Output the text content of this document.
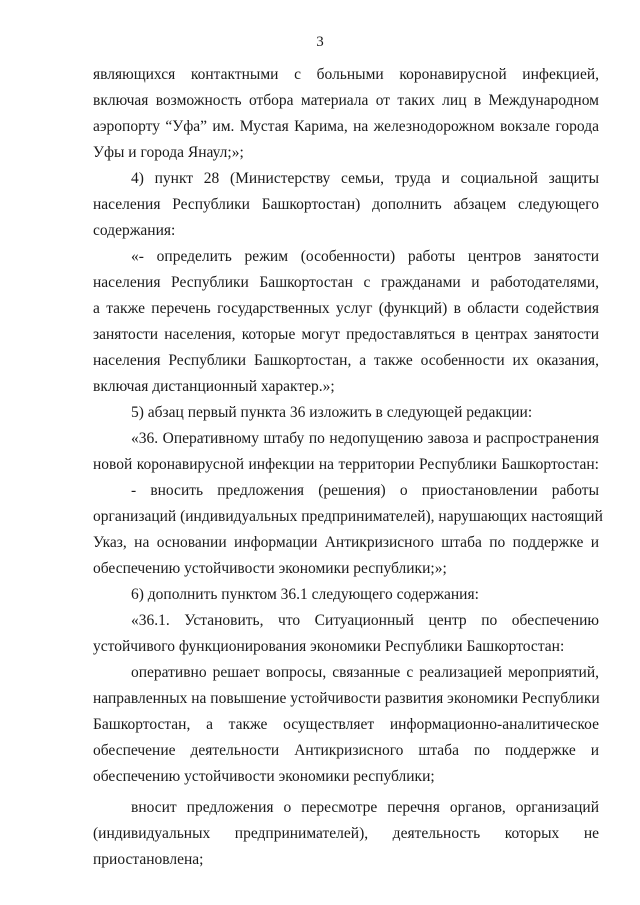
3
являющихся контактными с больными коронавирусной инфекцией,
включая возможность отбора материала от таких лиц в Международном
аэропорту “Уфа” им. Мустая Карима, на железнодорожном вокзале города
Уфы и города Янаул;»;
4) пункт 28 (Министерству семьи, труда и социальной защиты
населения Республики Башкортостан) дополнить абзацем следующего
содержания:
«- определить режим (особенности) работы центров занятости
населения Республики Башкортостан с гражданами и работодателями,
а также перечень государственных услуг (функций) в области содействия
занятости населения, которые могут предоставляться в центрах занятости
населения Республики Башкортостан, а также особенности их оказания,
включая дистанционный характер.»;
5) абзац первый пункта 36 изложить в следующей редакции:
«36. Оперативному штабу по недопущению завоза и распространения
новой коронавирусной инфекции на территории Республики Башкортостан:
- вносить предложения (решения) о приостановлении работы
организаций (индивидуальных предпринимателей), нарушающих настоящий
Указ, на основании информации Антикризисного штаба по поддержке и
обеспечению устойчивости экономики республики;»;
6) дополнить пунктом 36.1 следующего содержания:
«36.1. Установить, что Ситуационный центр по обеспечению
устойчивого функционирования экономики Республики Башкортостан:
оперативно решает вопросы, связанные с реализацией мероприятий,
направленных на повышение устойчивости развития экономики Республики
Башкортостан, а также осуществляет информационно-аналитическое
обеспечение деятельности Антикризисного штаба по поддержке и
обеспечению устойчивости экономики республики;
вносит предложения о пересмотре перечня органов, организаций
(индивидуальных предпринимателей), деятельность которых не
приостановлена;
